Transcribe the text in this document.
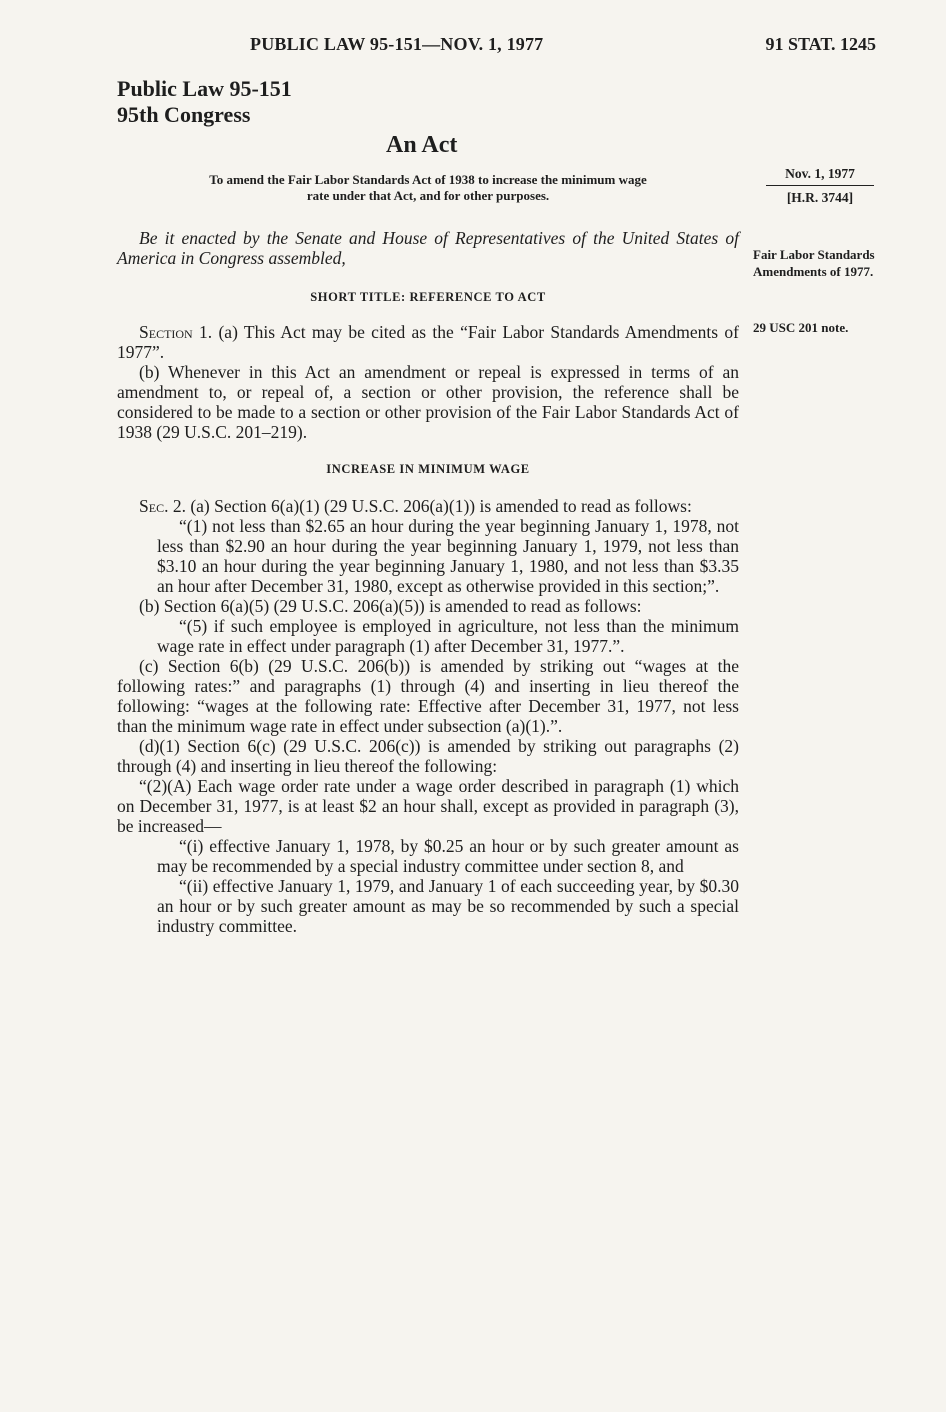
PUBLIC LAW 95-151—NOV. 1, 1977	91 STAT. 1245
Public Law 95-151
95th Congress
An Act
To amend the Fair Labor Standards Act of 1938 to increase the minimum wage
rate under that Act, and for other purposes.
Be it enacted by the Senate and House of Representatives of the United States of America in Congress assembled,
SHORT TITLE: REFERENCE TO ACT

Section 1. (a) This Act may be cited as the “Fair Labor Standards Amendments of 1977”.

(b) Whenever in this Act an amendment or repeal is expressed in terms of an amendment to, or repeal of, a section or other provision, the reference shall be considered to be made to a section or other provision of the Fair Labor Standards Act of 1938 (29 U.S.C. 201–219).

INCREASE IN MINIMUM WAGE

Sec. 2. (a) Section 6(a)(1) (29 U.S.C. 206(a)(1)) is amended to read as follows:

“(1) not less than $2.65 an hour during the year beginning January 1, 1978, not less than $2.90 an hour during the year beginning January 1, 1979, not less than $3.10 an hour during the year beginning January 1, 1980, and not less than $3.35 an hour after December 31, 1980, except as otherwise provided in this section;”.

(b) Section 6(a)(5) (29 U.S.C. 206(a)(5)) is amended to read as follows:

“(5) if such employee is employed in agriculture, not less than the minimum wage rate in effect under paragraph (1) after December 31, 1977.”.

(c) Section 6(b) (29 U.S.C. 206(b)) is amended by striking out “wages at the following rates:” and paragraphs (1) through (4) and inserting in lieu thereof the following: “wages at the following rate: Effective after December 31, 1977, not less than the minimum wage rate in effect under subsection (a)(1).”.

(d)(1) Section 6(c) (29 U.S.C. 206(c)) is amended by striking out paragraphs (2) through (4) and inserting in lieu thereof the following:

“(2)(A) Each wage order rate under a wage order described in paragraph (1) which on December 31, 1977, is at least $2 an hour shall, except as provided in paragraph (3), be increased—

“(i) effective January 1, 1978, by $0.25 an hour or by such greater amount as may be recommended by a special industry committee under section 8, and

“(ii) effective January 1, 1979, and January 1 of each succeeding year, by $0.30 an hour or by such greater amount as may be so recommended by such a special industry committee.

Nov. 1, 1977
[H.R. 3744]
Fair Labor Standards Amendments of 1977.
29 USC 201 note.
